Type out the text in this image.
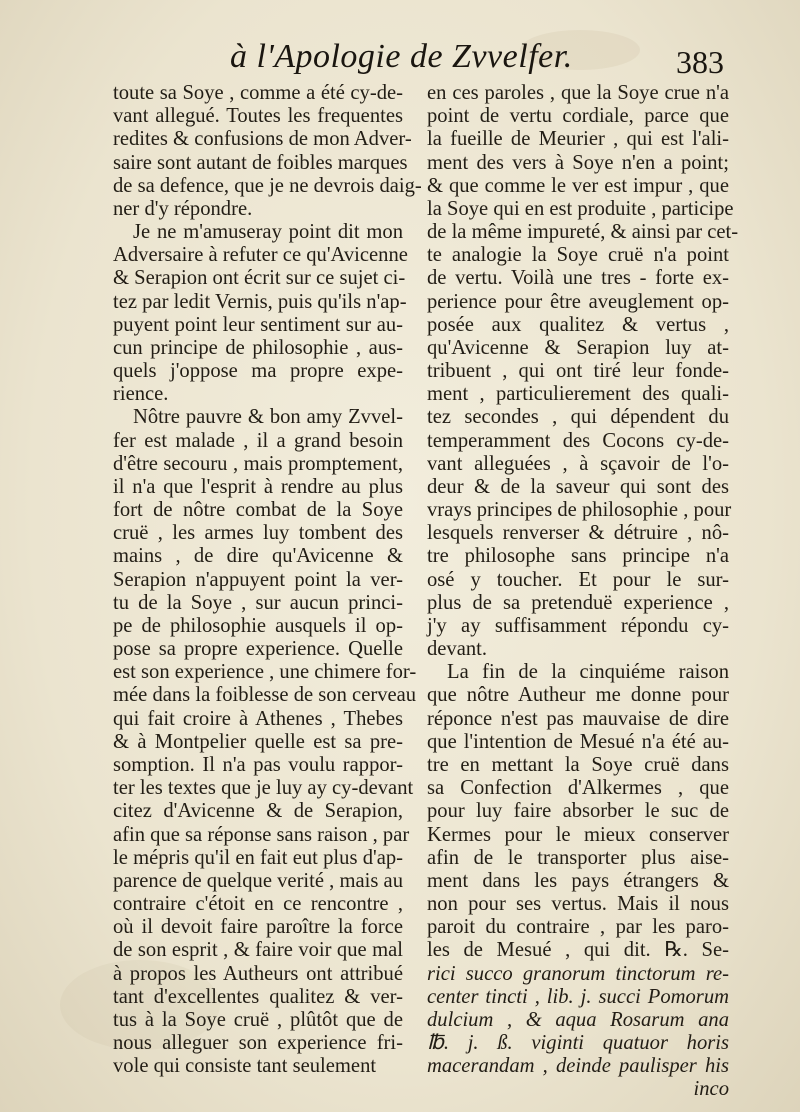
à l'Apologie de Zvvelfer.	383
toute sa Soye , comme a été cy-de-
vant allegué. Toutes les frequentes
redites & confusions de mon Adver-
saire sont autant de foibles marques
de sa defence, que je ne devrois daig-
ner d'y répondre.
Je ne m'amuseray point dit mon
Adversaire à refuter ce qu'Avicenne
& Serapion ont écrit sur ce sujet ci-
tez par ledit Vernis, puis qu'ils n'ap-
puyent point leur sentiment sur au-
cun principe de philosophie , aus-
quels j'oppose ma propre expe-
rience.
Nôtre pauvre & bon amy Zvvel-
fer est malade , il a grand besoin
d'être secouru , mais promptement,
il n'a que l'esprit à rendre au plus
fort de nôtre combat de la Soye
cruë , les armes luy tombent des
mains , de dire qu'Avicenne &
Serapion n'appuyent point la ver-
tu de la Soye , sur aucun princi-
pe de philosophie ausquels il op-
pose sa propre experience. Quelle
est son experience , une chimere for-
mée dans la foiblesse de son cerveau
qui fait croire à Athenes , Thebes
& à Montpelier quelle est sa pre-
somption. Il n'a pas voulu rappor-
ter les textes que je luy ay cy-devant
citez d'Avicenne & de Serapion,
afin que sa réponse sans raison , par
le mépris qu'il en fait eut plus d'ap-
parence de quelque verité , mais au
contraire c'étoit en ce rencontre ,
où il devoit faire paroître la force
de son esprit , & faire voir que mal
à propos les Autheurs ont attribué
tant d'excellentes qualitez & ver-
tus à la Soye cruë , plûtôt que de
nous alleguer son experience fri-
vole qui consiste tant seulement
en ces paroles , que la Soye crue n'a
point de vertu cordiale, parce que
la fueille de Meurier , qui est l'ali-
ment des vers à Soye n'en a point;
& que comme le ver est impur , que
la Soye qui en est produite , participe
de la même impureté, & ainsi par cet-
te analogie la Soye cruë n'a point
de vertu. Voilà une tres - forte ex-
perience pour être aveuglement op-
posée aux qualitez & vertus ,
qu'Avicenne & Serapion luy at-
tribuent , qui ont tiré leur fonde-
ment , particulierement des quali-
tez secondes , qui dépendent du
temperamment des Cocons cy-de-
vant alleguées , à sçavoir de l'o-
deur & de la saveur qui sont des
vrays principes de philosophie , pour
lesquels renverser & détruire , nô-
tre philosophe sans principe n'a
osé y toucher. Et pour le sur-
plus de sa pretenduë experience ,
j'y ay suffisamment répondu cy-
devant.
La fin de la cinquiéme raison
que nôtre Autheur me donne pour
réponce n'est pas mauvaise de dire
que l'intention de Mesué n'a été au-
tre en mettant la Soye cruë dans
sa Confection d'Alkermes , que
pour luy faire absorber le suc de
Kermes pour le mieux conserver
afin de le transporter plus aise-
ment dans les pays étrangers &
non pour ses vertus. Mais il nous
paroit du contraire , par les paro-
les de Mesué , qui dit. ℞. Se-
rici succo granorum tinctorum re-
center tincti , lib. j. succi Pomorum
dulcium , & aqua Rosarum ana
℔. j. ß. viginti quatuor horis
macerandam , deinde paulisper his
inco
